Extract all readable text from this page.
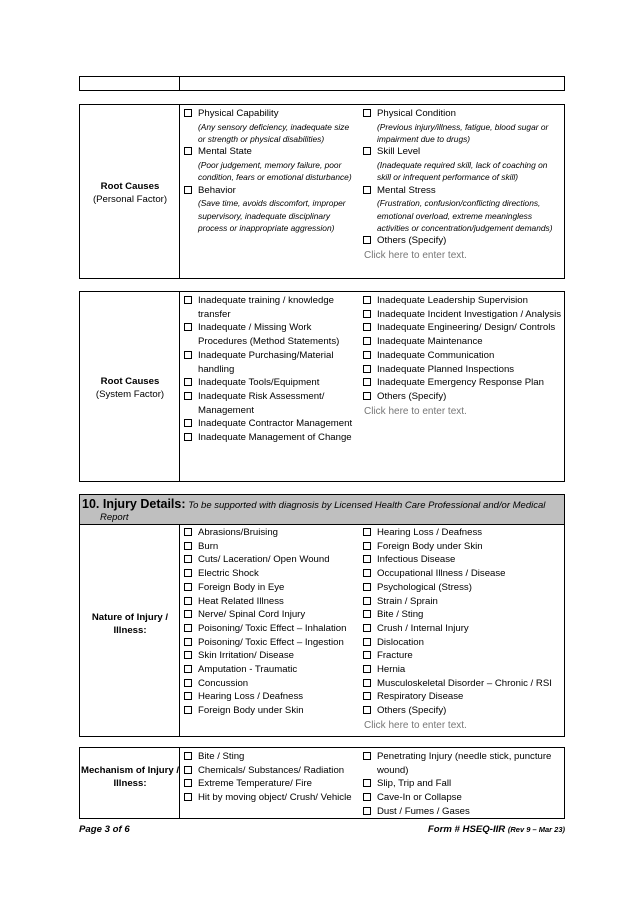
Root Causes
(Personal Factor)
Physical Capability
(Any sensory deficiency, inadequate size or strength or physical disabilities)
Mental State
(Poor judgement, memory failure, poor condition, fears or emotional disturbance)
Behavior
(Save time, avoids discomfort, improper supervisory, inadequate disciplinary process or inappropriate aggression)
Physical Condition
(Previous injury/illness, fatigue, blood sugar or impairment due to drugs)
Skill Level
(Inadequate required skill, lack of coaching on skill or infrequent performance of skill)
Mental Stress
(Frustration, confusion/conflicting directions, emotional overload, extreme meaningless activities or concentration/judgement demands)
Others (Specify)
Click here to enter text.
Root Causes
(System Factor)
Inadequate training / knowledge transfer
Inadequate / Missing Work Procedures (Method Statements)
Inadequate Purchasing/Material handling
Inadequate Tools/Equipment
Inadequate Risk Assessment/ Management
Inadequate Contractor Management
Inadequate Management of Change
Inadequate Leadership Supervision
Inadequate Incident Investigation / Analysis
Inadequate Engineering/ Design/ Controls
Inadequate Maintenance
Inadequate Communication
Inadequate Planned Inspections
Inadequate Emergency Response Plan
Others (Specify)
Click here to enter text.
10. Injury Details: To be supported with diagnosis by Licensed Health Care Professional and/or Medical
Report
Nature of Injury / Illness:
Abrasions/Bruising
Burn
Cuts/ Laceration/ Open Wound
Electric Shock
Foreign Body in Eye
Heat Related Illness
Nerve/ Spinal Cord Injury
Poisoning/ Toxic Effect – Inhalation
Poisoning/ Toxic Effect – Ingestion
Skin Irritation/ Disease
Amputation - Traumatic
Concussion
Hearing Loss / Deafness
Foreign Body under Skin
Hearing Loss / Deafness
Foreign Body under Skin
Infectious Disease
Occupational Illness / Disease
Psychological (Stress)
Strain / Sprain
Bite / Sting
Crush / Internal Injury
Dislocation
Fracture
Hernia
Musculoskeletal Disorder – Chronic / RSI
Respiratory Disease
Others (Specify)
Click here to enter text.
Mechanism of Injury / Illness:
Bite / Sting
Chemicals/ Substances/ Radiation
Extreme Temperature/ Fire
Hit by moving object/ Crush/ Vehicle
Penetrating Injury (needle stick, puncture wound)
Slip, Trip and Fall
Cave-In or Collapse
Dust / Fumes / Gases
Page 3 of 6	Form # HSEQ-IIR (Rev 9 – Mar 23)
